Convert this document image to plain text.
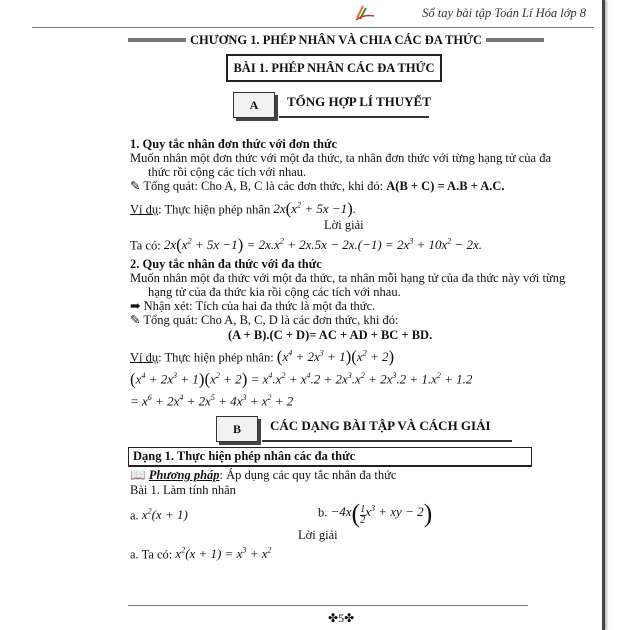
Sổ tay bài tập Toán Lí Hóa lớp 8
CHƯƠNG 1. PHÉP NHÂN VÀ CHIA CÁC ĐA THỨC
BÀI 1. PHÉP NHÂN CÁC ĐA THỨC
A	TỔNG HỢP LÍ THUYẾT
1. Quy tắc nhân đơn thức với đơn thức
Muốn nhân một đơn thức với một đa thức, ta nhân đơn thức với từng hạng tử của đa
thức rồi cộng các tích với nhau.
✎ Tổng quát: Cho A, B, C là các đơn thức, khi đó: A(B + C) = A.B + A.C.
Ví dụ: Thực hiện phép nhân $2x(x^2 + 5x -1)$.
Lời giải
Ta có: $2x(x^2 + 5x -1) = 2x.x^2 + 2x.5x - 2x.(-1) = 2x^3 + 10x^2 - 2x$.
2. Quy tắc nhân đa thức với đa thức
Muốn nhân một đa thức với một đa thức, ta nhân mỗi hạng tử của đa thức này với từng
hạng tử của đa thức kia rồi cộng các tích với nhau.
➡ Nhận xét: Tích của hai đa thức là một đa thức.
✎ Tổng quát: Cho A, B, C, D là các đơn thức, khi đó:
(A + B).(C + D)= AC + AD + BC + BD.
Ví dụ: Thực hiện phép nhân: $(x^4 + 2x^3 + 1)(x^2 + 2)$
$(x^4 + 2x^3 + 1)(x^2 + 2) = x^4.x^2 + x^4.2 + 2x^3.x^2 + 2x^3.2 + 1.x^2 + 1.2$
= $x^6 + 2x^4 + 2x^5 + 4x^3 + x^2 + 2$
B	CÁC DẠNG BÀI TẬP VÀ CÁCH GIẢI
Dạng 1. Thực hiện phép nhân các đa thức
📖 Phương pháp: Áp dụng các quy tắc nhân đa thức
Bài 1. Làm tính nhân
a. $x^2(x + 1)$	b. $-4x( \frac{1}{2} x^3$ + xy − 2)
Lời giải
a. Ta có: $x^2(x + 1) = x^3 + x^2$
✤5✤
